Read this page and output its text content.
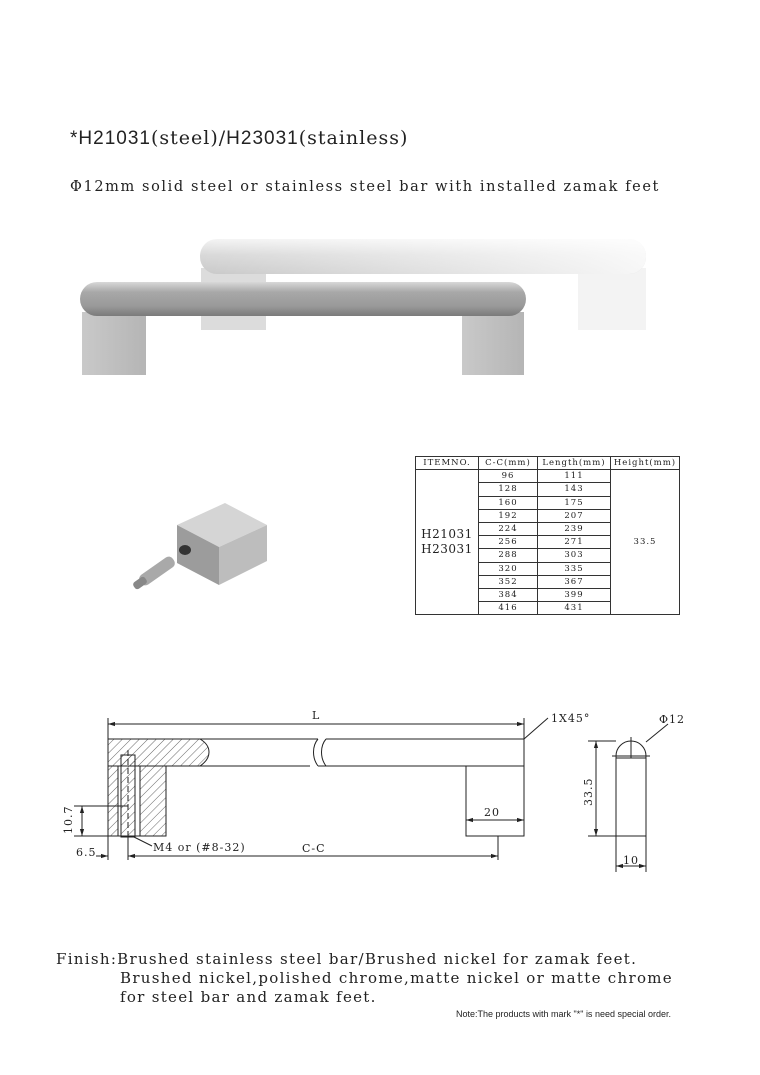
*H21031(steel)/H23031(stainless)
Φ12mm solid steel or stainless steel bar with installed zamak feet
ITEMNO.	C-C(mm)	Length(mm)	Height(mm)
H21031
H23031	96	111	33.5
	128	143	
	160	175	
	192	207	
	224	239	
	256	271	
	288	303	
	320	335	
	352	367	
	384	399	
	416	431	
L	1X45°	Φ12
20
M4 or (#8-32)	C-C
6.5
10
10.7
33.5
Finish:Brushed stainless steel bar/Brushed nickel for zamak feet.
Brushed nickel,polished chrome,matte nickel or matte chrome
for steel bar and zamak feet.
Note:The products with mark "*" is need special order.
